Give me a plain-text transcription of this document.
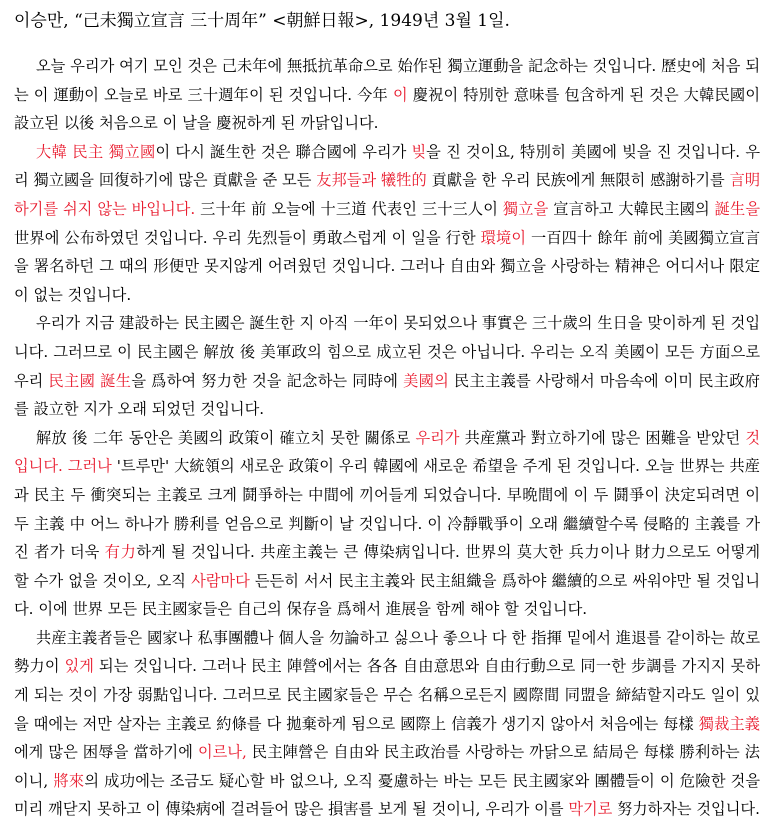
이승만, “己未獨立宣言 三十周年” <朝鮮日報>, 1949년 3월 1일.

오늘 우리가 여기 모인 것은 己未年에 無抵抗革命으로 始作된 獨立運動을 記念하는 것입니다. 歷史에 처음 되는 이 運動이 오늘로 바로 三十週年이 된 것입니다. 今年 이 慶祝이 特別한 意味를 包含하게 된 것은 大韓民國이 設立된 以後 처음으로 이 날을 慶祝하게 된 까닭입니다.

大韓 民主 獨立國이 다시 誕生한 것은 聯合國에 우리가 빚을 진 것이요, 特別히 美國에 빚을 진 것입니다. 우리 獨立國을 回復하기에 많은 貢獻을 준 모든 友邦들과 犧牲的 貢獻을 한 우리 民族에게 無限히 感謝하기를 言明하기를 쉬지 않는 바입니다. 三十年 前 오늘에 十三道 代表인 三十三人이 獨立을 宣言하고 大韓民主國의 誕生을 世界에 公布하였던 것입니다. 우리 先烈들이 勇敢스럽게 이 일을 行한 環境이 一百四十 餘年 前에 美國獨立宣言을 署名하던 그 때의 形便만 못지않게 어려웠던 것입니다. 그러나 自由와 獨立을 사랑하는 精神은 어디서나 限定이 없는 것입니다.

우리가 지금 建設하는 民主國은 誕生한 지 아직 一年이 못되었으나 事實은 三十歲의 生日을 맞이하게 된 것입니다. 그러므로 이 民主國은 解放 後 美軍政의 힘으로 成立된 것은 아닙니다. 우리는 오직 美國이 모든 方面으로 우리 民主國 誕生을 爲하여 努力한 것을 記念하는 同時에 美國의 民主主義를 사랑해서 마음속에 이미 民主政府를 設立한 지가 오래 되었던 것입니다.

解放 後 二年 동안은 美國의 政策이 確立치 못한 關係로 우리가 共産黨과 對立하기에 많은 困難을 받았던 것입니다. 그러나 '트루만' 大統領의 새로운 政策이 우리 韓國에 새로운 希望을 주게 된 것입니다. 오늘 世界는 共産과 民主 두 衝突되는 主義로 크게 鬪爭하는 中間에 끼어들게 되었습니다. 早晩間에 이 두 鬪爭이 決定되려면 이 두 主義 中 어느 하나가 勝利를 얻음으로 判斷이 날 것입니다. 이 冷靜戰爭이 오래 繼續할수록 侵略的 主義를 가진 者가 더욱 有力하게 될 것입니다. 共産主義는 큰 傳染病입니다. 世界의 莫大한 兵力이나 財力으로도 어떻게 할 수가 없을 것이오, 오직 사람마다 든든히 서서 民主主義와 民主組織을 爲하야 繼續的으로 싸워야만 될 것입니다. 이에 世界 모든 民主國家들은 自己의 保存을 爲해서 進展을 함께 해야 할 것입니다.

共産主義者들은 國家나 私事團體나 個人을 勿論하고 싫으나 좋으나 다 한 指揮 밑에서 進退를 같이하는 故로 勢力이 있게 되는 것입니다. 그러나 民主 陣營에서는 各各 自由意思와 自由行動으로 同一한 步調를 가지지 못하게 되는 것이 가장 弱點입니다. 그러므로 民主國家들은 무슨 名稱으로든지 國際間 同盟을 締結할지라도 일이 있을 때에는 저만 살자는 主義로 約條를 다 拋棄하게 됨으로 國際上 信義가 생기지 않아서 처음에는 每樣 獨裁主義에게 많은 困辱을 當하기에 이르나, 民主陣營은 自由와 民主政治를 사랑하는 까닭으로 結局은 每樣 勝利하는 法이니, 將來의 成功에는 조금도 疑心할 바 없으나, 오직 憂慮하는 바는 모든 民主國家와 團體들이 이 危險한 것을 미리 깨닫지 못하고 이 傳染病에 걸려들어 많은 損害를 보게 될 것이니, 우리가 이를 막기로 努力하자는 것입니다.
